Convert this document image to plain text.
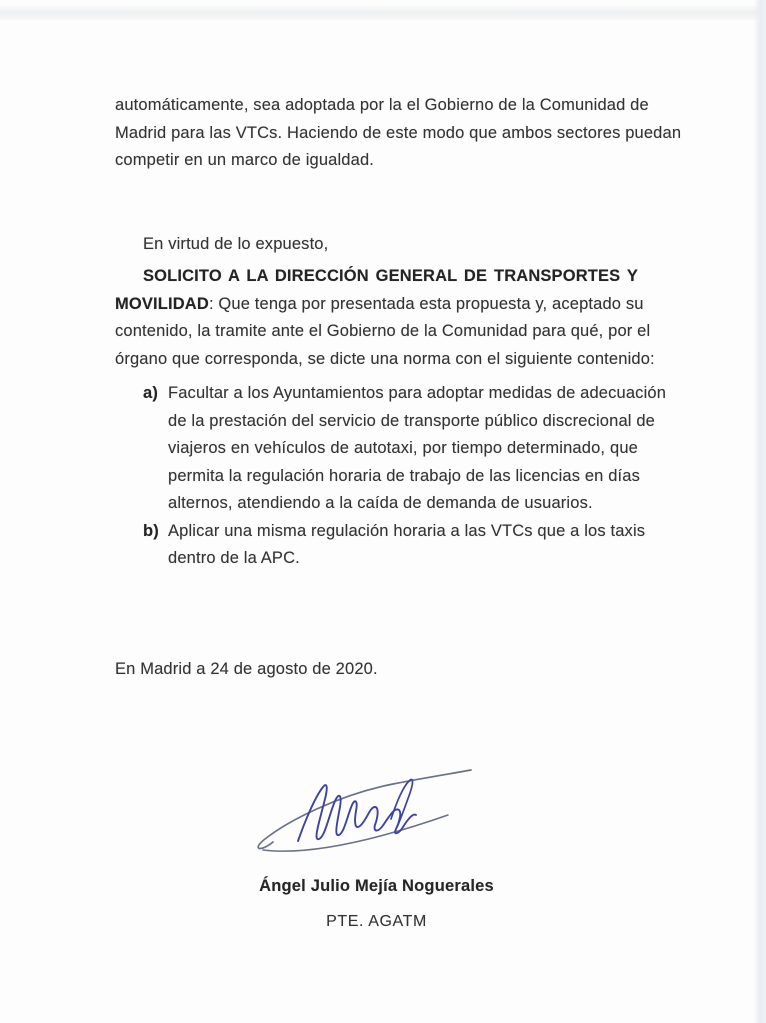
automáticamente, sea adoptada por la el Gobierno de la Comunidad de
Madrid para las VTCs. Haciendo de este modo que ambos sectores puedan
competir en un marco de igualdad.
En virtud de lo expuesto,
SOLICITO A LA DIRECCIÓN GENERAL DE TRANSPORTES Y
MOVILIDAD: Que tenga por presentada esta propuesta y, aceptado su
contenido, la tramite ante el Gobierno de la Comunidad para qué, por el
órgano que corresponda, se dicte una norma con el siguiente contenido:
a) Facultar a los Ayuntamientos para adoptar medidas de adecuación
de la prestación del servicio de transporte público discrecional de
viajeros en vehículos de autotaxi, por tiempo determinado, que
permita la regulación horaria de trabajo de las licencias en días
alternos, atendiendo a la caída de demanda de usuarios.
b) Aplicar una misma regulación horaria a las VTCs que a los taxis
dentro de la APC.
En Madrid a 24 de agosto de 2020.
Ángel Julio Mejía Noguerales
PTE. AGATM
